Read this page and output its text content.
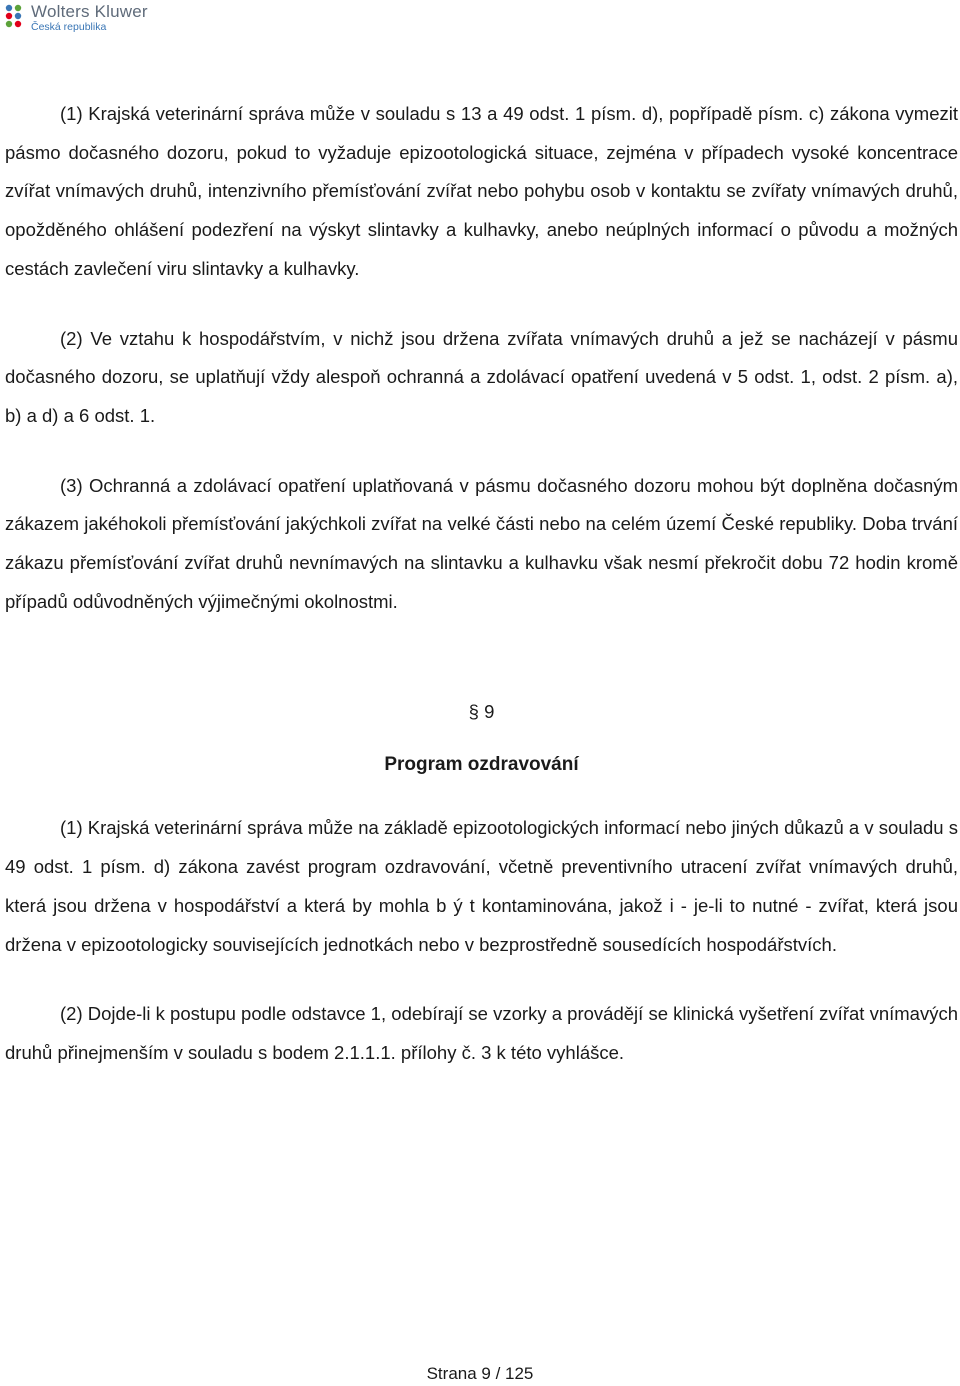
Wolters Kluwer
Česká republika

(1) Krajská veterinární správa může v souladu s 13 a 49 odst. 1 písm. d), popřípadě písm. c) zákona vymezit pásmo dočasného dozoru, pokud to vyžaduje epizootologická situace, zejména v případech vysoké koncentrace zvířat vnímavých druhů, intenzivního přemísťování zvířat nebo pohybu osob v kontaktu se zvířaty vnímavých druhů, opožděného ohlášení podezření na výskyt slintavky a kulhavky, anebo neúplných informací o původu a možných cestách zavlečení viru slintavky a kulhavky.

(2) Ve vztahu k hospodářstvím, v nichž jsou držena zvířata vnímavých druhů a jež se nacházejí v pásmu dočasného dozoru, se uplatňují vždy alespoň ochranná a zdolávací opatření uvedená v 5 odst. 1, odst. 2 písm. a), b) a d) a 6 odst. 1.

(3) Ochranná a zdolávací opatření uplatňovaná v pásmu dočasného dozoru mohou být doplněna dočasným zákazem jakéhokoli přemísťování jakýchkoli zvířat na velké části nebo na celém území České republiky. Doba trvání zákazu přemísťování zvířat druhů nevnímavých na slintavku a kulhavku však nesmí překročit dobu 72 hodin kromě případů odůvodněných výjimečnými okolnostmi.

§ 9
Program ozdravování

(1) Krajská veterinární správa může na základě epizootologických informací nebo jiných důkazů a v souladu s 49 odst. 1 písm. d) zákona zavést program ozdravování, včetně preventivního utracení zvířat vnímavých druhů, která jsou držena v hospodářství a která by mohla b ý t kontaminována, jakož i - je-li to nutné - zvířat, která jsou držena v epizootologicky souvisejících jednotkách nebo v bezprostředně sousedících hospodářstvích.

(2) Dojde-li k postupu podle odstavce 1, odebírají se vzorky a provádějí se klinická vyšetření zvířat vnímavých druhů přinejmenším v souladu s bodem 2.1.1.1. přílohy č. 3 k této vyhlášce.

Strana 9 / 125
